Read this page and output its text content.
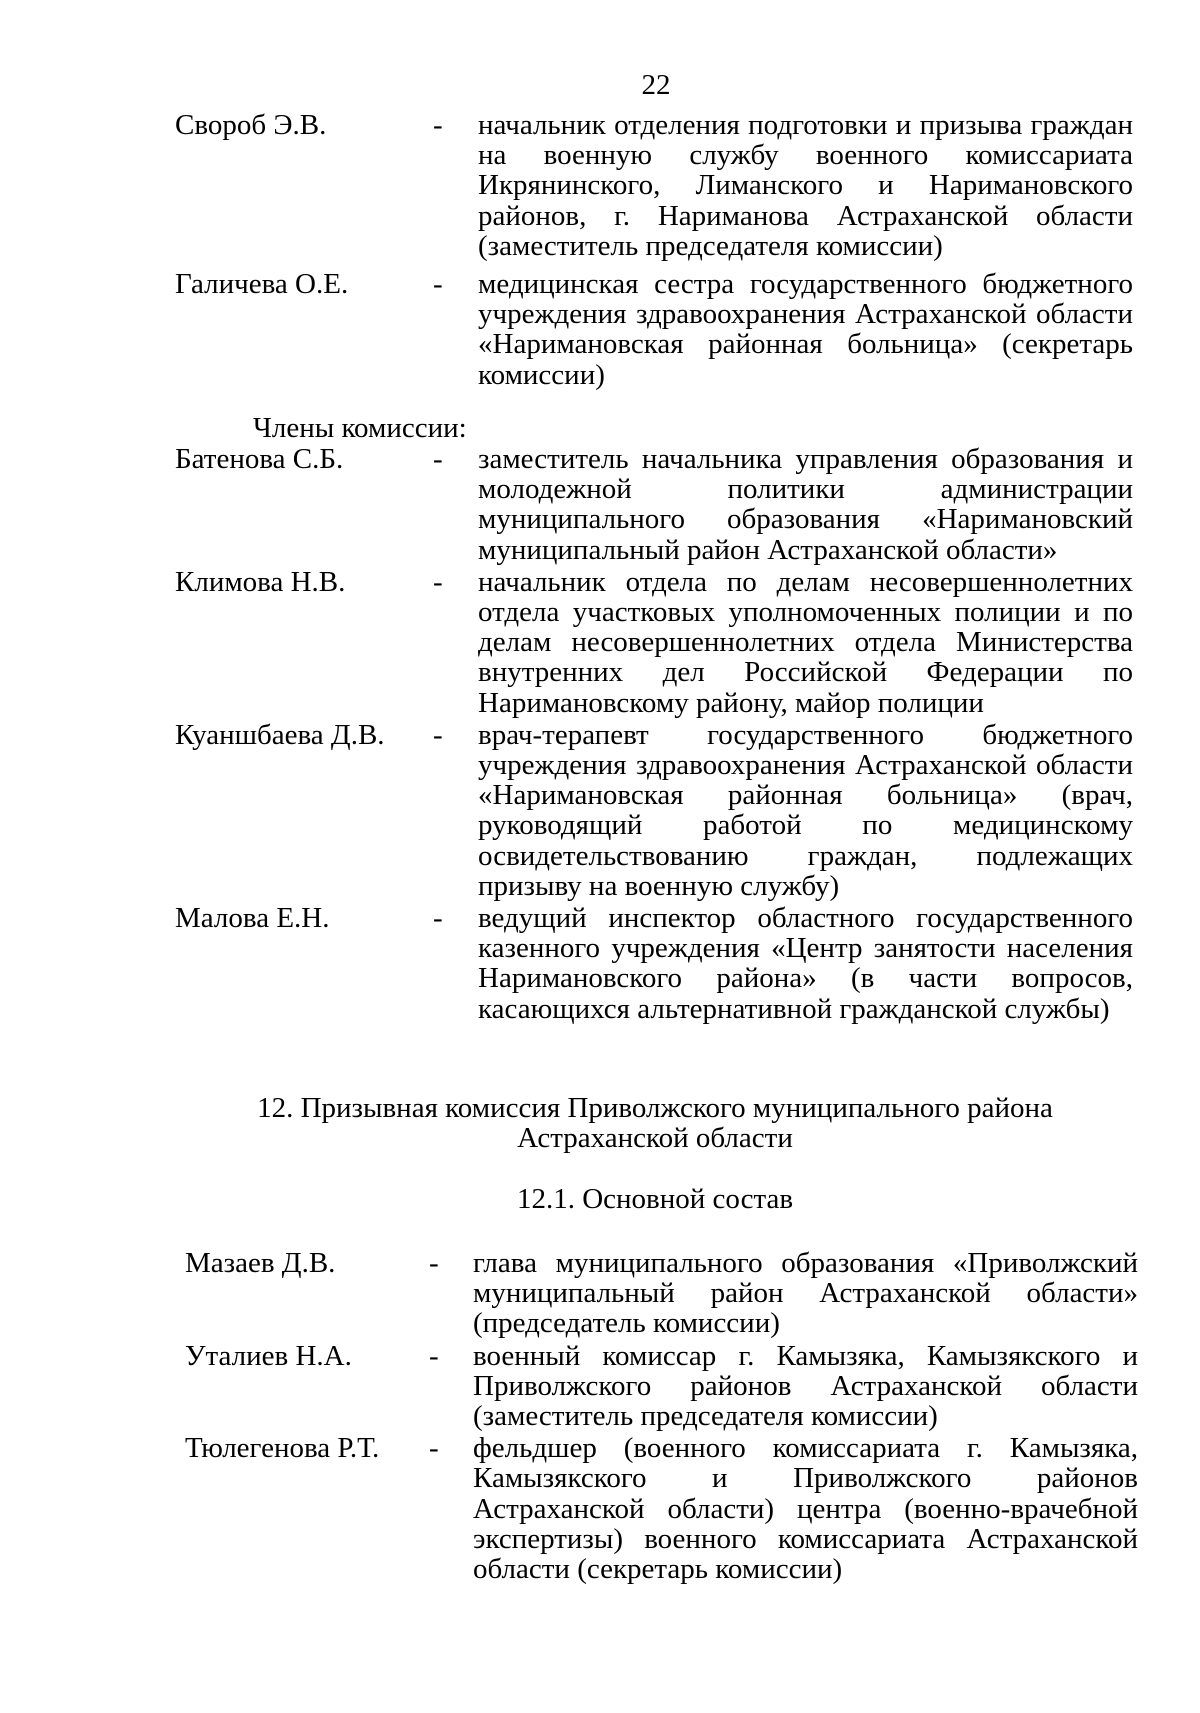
22
Свороб Э.В.	- начальник отделения подготовки и призыва граждан на военную службу военного комиссариата Икрянинского, Лиманского и Наримановского районов, г. Нариманова Астраханской области (заместитель председателя комиссии)
Галичева О.Е.	- медицинская сестра государственного бюджетного учреждения здравоохранения Астраханской области «Наримановская районная больница» (секретарь комиссии)
Члены комиссии:
Батенова С.Б.	- заместитель начальника управления образования и молодежной политики администрации муниципального образования «Наримановский муниципальный район Астраханской области»
Климова Н.В.	- начальник отдела по делам несовершеннолетних отдела участковых уполномоченных полиции и по делам несовершеннолетних отдела Министерства внутренних дел Российской Федерации по Наримановскому району, майор полиции
Куаншбаева Д.В. - врач-терапевт государственного бюджетного учреждения здравоохранения Астраханской области «Наримановская районная больница» (врач, руководящий работой по медицинскому освидетельствованию граждан, подлежащих призыву на военную службу)
Малова Е.Н.	- ведущий инспектор областного государственного казенного учреждения «Центр занятости населения Наримановского района» (в части вопросов, касающихся альтернативной гражданской службы)
12. Призывная комиссия Приволжского муниципального района
Астраханской области
12.1. Основной состав
Мазаев Д.В.	- глава муниципального образования «Приволжский муниципальный район Астраханской области» (председатель комиссии)
Уталиев Н.А.	- военный комиссар г. Камызяка, Камызякского и Приволжского районов Астраханской области (заместитель председателя комиссии)
Тюлегенова Р.Т. - фельдшер (военного комиссариата г. Камызяка, Камызякского и Приволжского районов Астраханской области) центра (военно-врачебной экспертизы) военного комиссариата Астраханской области (секретарь комиссии)
